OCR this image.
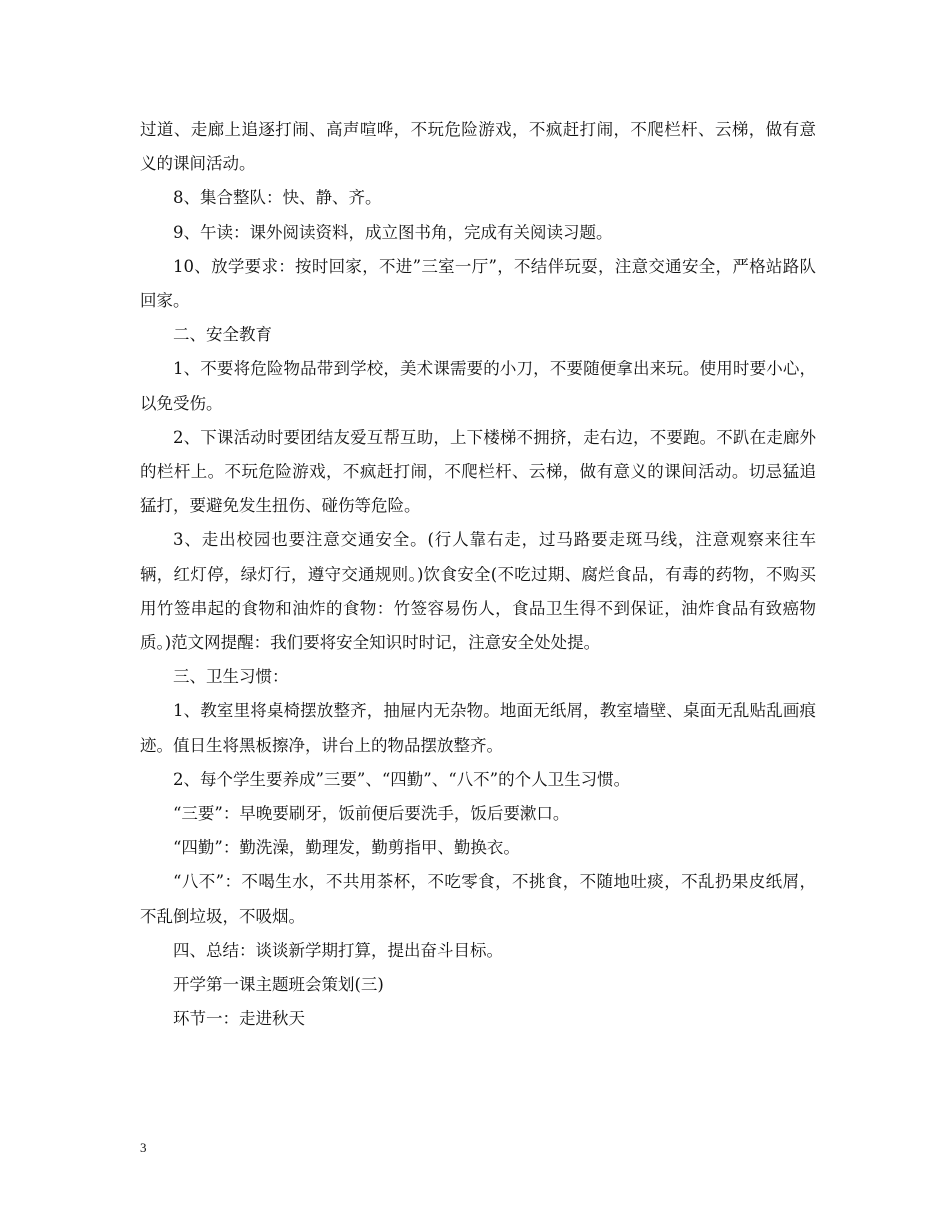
过道、走廊上追逐打闹、高声喧哗，不玩危险游戏，不疯赶打闹，不爬栏杆、云梯，做有意义的课间活动。

8、集合整队：快、静、齐。

9、午读：课外阅读资料，成立图书角，完成有关阅读习题。

10、放学要求：按时回家，不进”三室一厅”，不结伴玩耍，注意交通安全，严格站路队回家。

二、安全教育

1、不要将危险物品带到学校，美术课需要的小刀，不要随便拿出来玩。使用时要小心，以免受伤。

2、下课活动时要团结友爱互帮互助，上下楼梯不拥挤，走右边，不要跑。不趴在走廊外的栏杆上。不玩危险游戏，不疯赶打闹，不爬栏杆、云梯，做有意义的课间活动。切忌猛追猛打，要避免发生扭伤、碰伤等危险。

3、走出校园也要注意交通安全。(行人靠右走，过马路要走斑马线，注意观察来往车辆，红灯停，绿灯行，遵守交通规则。)饮食安全(不吃过期、腐烂食品，有毒的药物，不购买用竹签串起的食物和油炸的食物：竹签容易伤人，食品卫生得不到保证，油炸食品有致癌物质。)范文网提醒：我们要将安全知识时时记，注意安全处处提。

三、卫生习惯：

1、教室里将桌椅摆放整齐，抽屉内无杂物。地面无纸屑，教室墙壁、桌面无乱贴乱画痕迹。值日生将黑板擦净，讲台上的物品摆放整齐。

2、每个学生要养成”三要”、“四勤”、“八不”的个人卫生习惯。

“三要”：早晚要刷牙，饭前便后要洗手，饭后要漱口。

“四勤”：勤洗澡，勤理发，勤剪指甲、勤换衣。

“八不”：不喝生水，不共用茶杯，不吃零食，不挑食，不随地吐痰，不乱扔果皮纸屑，不乱倒垃圾，不吸烟。

四、总结：谈谈新学期打算，提出奋斗目标。

开学第一课主题班会策划(三)

环节一：走进秋天

3
